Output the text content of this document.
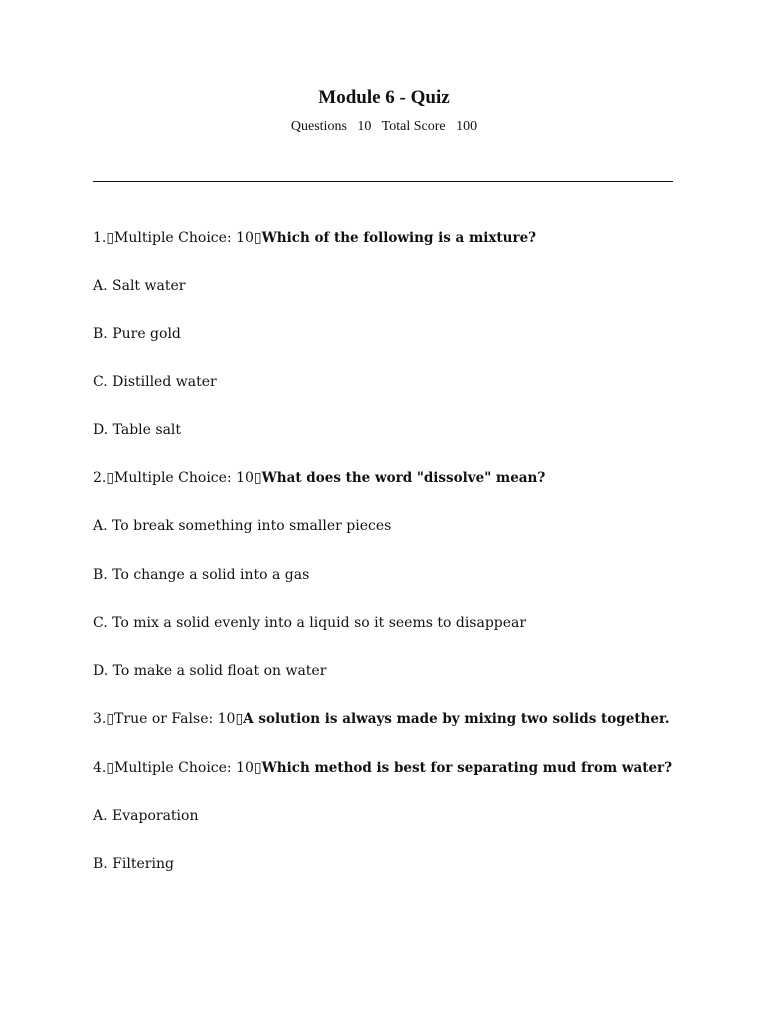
Module 6 - Quiz
Questions 10 Total Score 100
1.▯Multiple Choice: 10▯Which of the following is a mixture?
A. Salt water
B. Pure gold
C. Distilled water
D. Table salt
2.▯Multiple Choice: 10▯What does the word "dissolve" mean?
A. To break something into smaller pieces
B. To change a solid into a gas
C. To mix a solid evenly into a liquid so it seems to disappear
D. To make a solid float on water
3.▯True or False: 10▯A solution is always made by mixing two solids together.
4.▯Multiple Choice: 10▯Which method is best for separating mud from water?
A. Evaporation
B. Filtering
